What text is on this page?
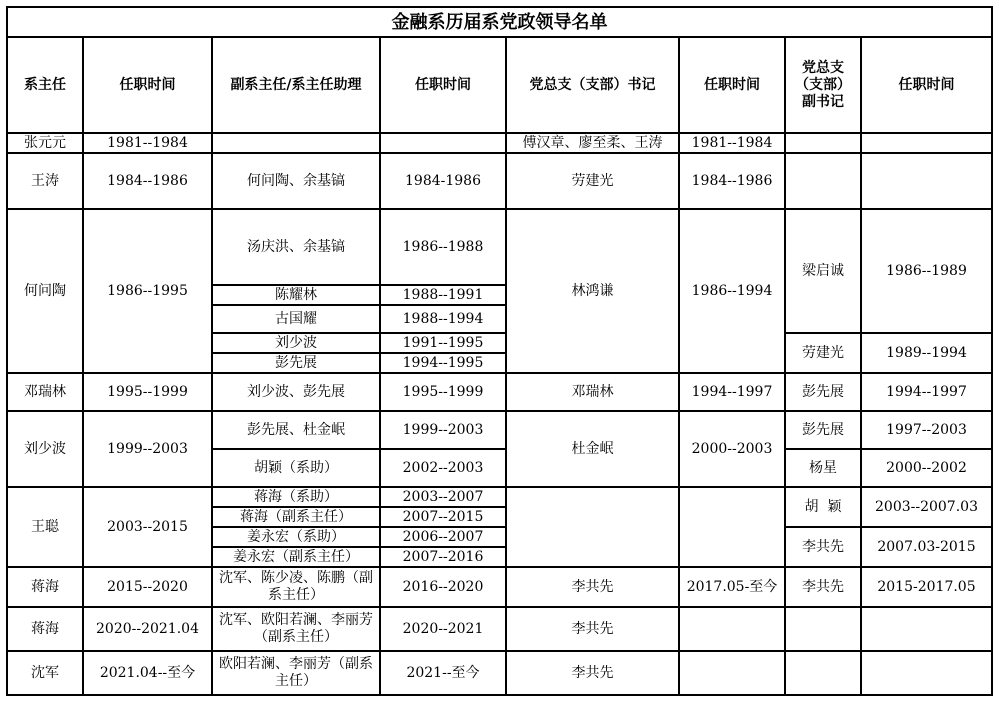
金融系历届系党政领导名单							
系主任	任职时间	副系主任/系主任助理	任职时间	党总支（支部）书记	任职时间	党总支（支部）副书记	任职时间
张元元	1981--1984			傅汉章、廖至柔、王涛	1981--1984		
王涛	1984--1986	何问陶、余基镐	1984-1986	劳建光	1984--1986		
何问陶	1986--1995	汤庆洪、余基镐	1986--1988	林鸿谦	1986--1994	梁启诚	1986--1989
		陈耀林	1988--1991				
		古国耀	1988--1994				
		刘少波	1991--1995			劳建光	1989--1994

		彭先展	1994--1995				
邓瑞林	1995--1999	刘少波、彭先展	1995--1999	邓瑞林	1994--1997	彭先展	1994--1997
刘少波	1999--2003	彭先展、杜金岷	1999--2003	杜金岷	2000--2003	彭先展	1997--2003
		胡颖（系助）	2002--2003			杨星	2000--2002
王聪	2003--2015	蒋海（系助）	2003--2007			胡  颖	2003--2007.03
		蒋海（副系主任）	2007--2015				
		姜永宏（系助）	2006--2007			李共先	2007.03-2015
		姜永宏（副系主任）	2007--2016				
蒋海	2015--2020	沈军、陈少凌、陈鹏（副系主任）	2016--2020	李共先	2017.05-至今	李共先	2015-2017.05
蒋海	2020--2021.04	沈军、欧阳若澜、李丽芳（副系主任）	2020--2021	李共先			
沈军	2021.04--至今	欧阳若澜、李丽芳（副系主任）	2021--至今	李共先			
